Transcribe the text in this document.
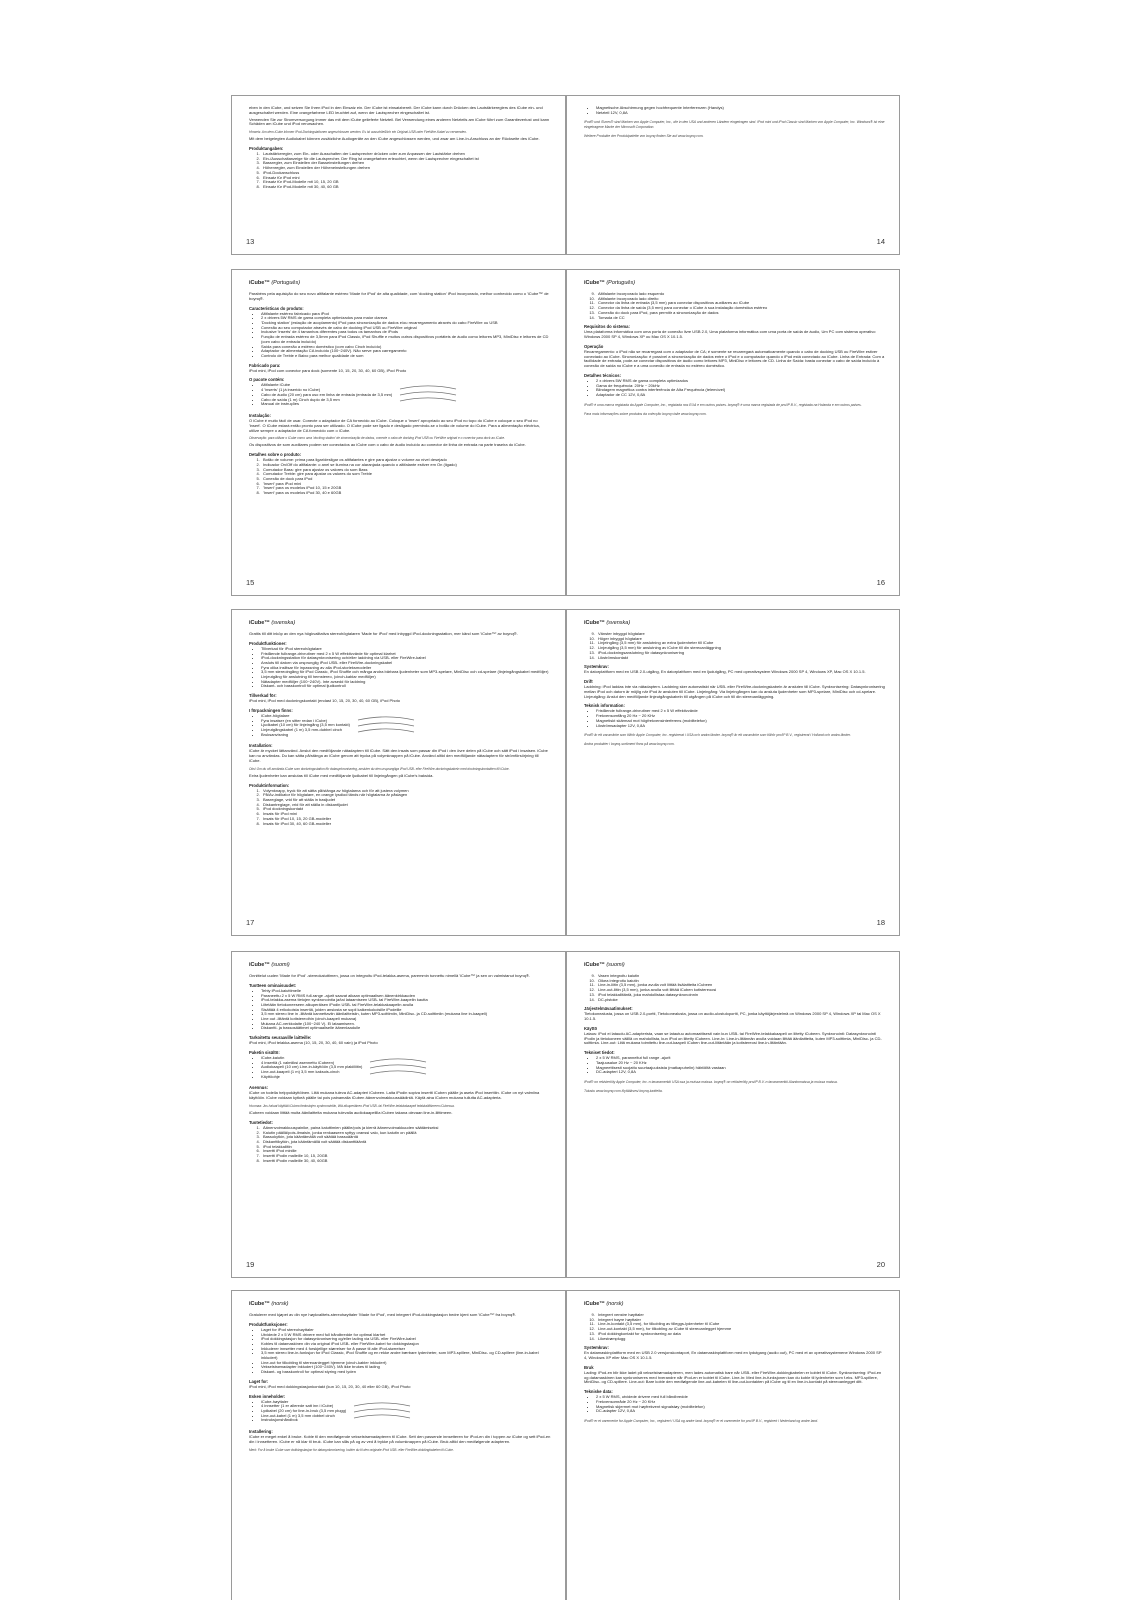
eben in den iCube, und setzen Sie Ihren iPod in den Einsatz ein. Der iCube ist einsatzbereit. Der iCube kann durch Drücken des Lautstärkereglers des iCube ein- und ausgeschaltet werden. Eine orangefarbene LED leuchtet auf, wenn der Lautsprecher eingeschaltet ist.

Verwenden Sie zur Stromversorgung immer das mit dem iCube gelieferte Netzteil. Bei Verwendung eines anderen Netzteils am iCube führt zum Garantieverlust und kann Schäden am iCube und iPod verursachen.

Hinweis: Am dem iCube können iPod-Dockingstationen angeschlossen werden. Es ist ausschließlich ein Original-USB-oder FireWire-Kabel zu verwenden.

Mit dem beigelegten Audiokabel können zusätzliche Audiogeräte an den iCube angeschlossen werden, und zwar am Line-In-Anschluss an der Rückseite des iCube.

Produktangaben:

1. Lautstärkeregler, zum Ein- oder Ausschalten der Lautsprecher drücken oder zum Anpassen der Lautstärke drehen
2. Ein-/Ausschaltanzeige für die Lautsprecher. Der Ring ist orangefarben erleuchtet, wenn der Lautsprecher eingeschaltet ist
3. Bassregler, zum Einstellen der Basseinstellungen drehen
4. Höhenregler, zum Einstellen der Höheneinstellungen drehen
5. iPod-Dockanschluss
6. Einsatz für iPod mini
7. Einsatz für iPod-Modelle mit 10, 15, 20 GB
8. Einsatz für iPod-Modelle mit 30, 40, 60 GB
13
• Magnetische Abschirmung gegen hochfrequente Interferenzen (Handys)
• Netzteil 12V, 0,8A

iPod® und iTunes® sind Marken von Apple Computer, Inc., die in den USA und anderen Ländern eingetragen sind. iPod mini und iPod Classic sind Marken von Apple Computer, Inc. Windows® ist eine eingetragene Marke der Microsoft Corporation.

Weitere Produkte der Produktpalette von boynq finden Sie auf www.boynq.com.

14

iCube™ (Português)

Parabéns pela aquisição do seu novo altifalante estéreo 'Made for iPod' de alta qualidade, com 'docking station' iPod incorporado, melhor conhecido como o 'iCube™' de boynq®.

Características do produto:

• Altifalante estéreo fabricado para iPod
• 2 x drivers 5W RMS de gama completa optimizados para maior clareza
• 'Docking station' (estação de acoplamento) iPod para sincronização de dados e/ou recarregamento através do cabo FireWire ou USB
• Conexão ao seu computador através de cabo de docking iPod USB ou FireWire original
• Inclusive 'inserts' de 4 tamanhos diferentes para todos os tamanhos de iPods
• Função de entrada estéreo de 3,5mm para iPod Classic, iPod Shuffle e muitos outros dispositivos portáteis de áudio como leitores MP3, MiniDisc e leitores de CD (com cabo de entrada incluído)
• Saída para conexão a estéreo doméstico (com cabo Cinch incluído)
• Adaptador de alimentação CA incluído (100~240V). Não serve para carregamento
• Controlo de Treble e Baixo para melhor qualidade de som

Fabricado para:

iPod mini, iPod com conector para dock (somente 10, 15, 20, 30, 40, 60 GB), iPod Photo

O pacote contém:

• Altifalante iCube
• 4 'inserts' (1 já inserido no iCube)
• Cabo de áudio (20 cm) para uso em linha de entrada (entrada de 3,5 mm)
• Cabo de saída (1 m) Cinch duplo de 3,5 mm
• Manual de instruções

Instalação:

O iCube é muito fácil de usar. Conecte o adaptador de CA fornecido ao iCube. Coloque o 'insert' apropriado ao seu iPod no topo do iCube e coloque o seu iPod no 'insert'. O iCube estará então pronto para ser utilizado. O iCube pode ser ligado e desligado premindo-se o botão de volume do iCube. Para a alimentação eléctrica, utilize sempre o adaptador de CA fornecido com o iCube.

Observação: para utilizar o iCube como uma 'docking station' de sincronização de dados, conecte o cabo de docking iPod USB ou FireWire original e o conector para dock ao iCube.

Os dispositivos de som auxiliares podem ser conectados ao iCube com o cabo de áudio incluído ao conector de linha de entrada na parte traseira do iCube.

Detalhes sobre o produto:

1. Botão de volume: prima para ligar/desligar os altifalantes e gire para ajustar o volume ao nível desejado
2. Indicador On/Off do altifalante: o anel se ilumina na cor alaranjada quando o altifalante estiver em On (ligado)
3. Comutador Bass: gire para ajustar os valores do som Bass
4. Comutador Treble: gire para ajustar os valores do som Treble
5. Conexão de dock para iPod
6. 'Insert' para iPod mini
7. 'Insert' para os modelos iPod 10, 15 e 20GB
8. 'Insert' para os modelos iPod 30, 40 e 60GB
15

iCube™ (Português)

9. Altifalante incorporado lado esquerdo
10. Altifalante incorporado lado direito
11. Conector da linha de entrada (3,5 mm) para conectar dispositivos auxiliares ao iCube
12. Conector da linha de saída (3,5 mm) para conectar o iCube à sua instalação doméstica estéreo
13. Conexão do dock para iPod, para permitir a sincronização de dados
14. Tomada de CC

Requisitos do sistema:

Uma plataforma informática com uma porta de conexão livre USB 2.0, Uma plataforma informática com uma porta de saída de áudio, Um PC com sistema operativo Windows 2000 SP 4, Windows XP ou Mac OS X 10.1.5.

Operação

Recarregamento: o iPod não se recarregará com o adaptador de CA; é somente se recarregará automaticamente quando o cabo de docking USB ou FireWire estiver conectado ao iCube. Sincronização: é possível a sincronização de dados entre o iPod e o computador quando o iPod está conectado ao iCube. Linha de Entrada: Com a facilidade de entrada, pode-se conectar dispositivos de áudio como leitores MP3, MiniDisc e leitores de CD. Linha de Saída: basta conectar o cabo de saída incluído à conexão de saída no iCube e a uma conexão de entrada no estéreo doméstico.

Detalhes técnicos:

• 2 x drivers 5W RMS de gama completa optimizados
• Gama de frequência: 20Hz ~ 20kHz
• Blindagem magnética contra interferência de Alta Frequência (telemóvel)
• Adaptador de CC 12V, 0,8A

iPod® é uma marca registada da Apple Computer, Inc., registada nos EUA e em outros países. boynq® é uma marca registada de pro/IP B.V., registada na Holanda e em outros países.

Para mais informações sobre produtos da colecção boynq visite www.boynq.com.

16

iCube™ (svenska)

Grattis till ditt inköp av den nya högkvalitativa stereohögtalaren 'Made for iPod' med inbyggd iPod-dockningsstation, mer känd som 'iCube™' av boynq®.

Produktfunktioner:

• Tillverkad för iPod stereohögtalare
• Fristående fullrange-drivrutiner med 2 x 5 W effektivvärde för optimal klarhet
• iPod-dockningsstation för datasynkronisering och/eller laddning via USB- eller FireWire-kabel
• Ansluts till datorn via ursprunglig iPod USB- eller FireWire-dockningskabel
• Fyra olika inslitsar för inpassning av alla iPod-storleksmodeller
• 3,5 mm stereoingång för iPod Classic, iPod Shuffle och många andra bärbara ljudenheter som MP3-spelare, MiniDisc och cd-spelare (linjeingångskabel medföljer)
• Linjeutgång för anslutning till hemstereo, (cinch-kablar medföljer)
• Nätadapter medföljer (100~240V). Inte avsedd för laddning
• Diskant- och basskontroll för optimal ljudkontroll

Tillverkad för:

iPod mini, iPod med dockningskontakt (endast 10, 15, 20, 30, 40, 60 GB), iPod Photo

I förpackningen finns:

• iCube-högtalare
• Fyra insatser (en sitter redan i iCube)
• Ljudkabel (10 cm) för linjeingång (3,5 mm kontakt)
• Linjeutgångskabel (1 m) 3,5 mm-dubbel cinch
• Bruksanvisning

Installation:

iCube är mycket lättanvänd. Anslut den medföljande nätadaptern till iCube. Sätt den insats som passar din iPod i den övre delen på iCube och sätt iPod i insatsen. iCube kan nu användas. Du kan sätta på/stänga av iCube genom att trycka på volymknappen på iCube. Använd alltid den medföljande nätadaptern för strömförsörjning till iCube.

Obs! Om du vill använda iCube som dockningsstation för datasynkronisering, ansluter du den ursprungliga iPod USB- eller FireWire-dockningskabeln med dockningskontakten till iCube.

Extra ljudenheter kan anslutas till iCube med medföljande ljudkabel till linjeingången på iCube's baksida.

Produktinformation:

1. Volymknapp, tryck för att sätta på/stänga av högtalarna och för att justera volymen
2. På/Av-indikator för högtalare, en orange lysdiod tänds när högtalarna är påslagen
3. Basreglage, vrid för att ställa in basljudet
4. Diskantreglage, vrid för att ställa in diskantljudet
5. iPod dockningskontakt
6. Insats för iPod mini
7. Insats för iPod 10, 15, 20 GB-modeller
8. Insats för iPod 30, 40, 60 GB-modeller
17

iCube™ (svenska)

9. Vänster inbyggd högtalare
10. Höger inbyggd högtalare
11. Linjeingång (3,5 mm) för anslutning av extra ljudenheter till iCube
12. Linjeutgång (3,5 mm) för anslutning av iCube till din stereoanläggning
13. iPod-dockningsanslutning för datasynkronisering
14. Likströmskontakt

Systemkrav:

En datorplattform med en USB 2.0-utgång, En datorplattform med en ljudutgång, PC med operativsystem Windows 2000 SP 4, Windows XP, Mac OS X 10.1.5.

Drift

Laddning: iPod laddas inte via nätadaptern. Laddning sker automatiskt när USB- eller FireWire-dockningskabeln är ansluten till iCube. Synkronisering: Datasynkronisering mellan iPod och datorn är möjlig när iPod är ansluten till iCube. Linjeingång: Via linjeingången kan du ansluta ljudenheter som MP3-spelare, MiniDisc och cd-spelare. Linjeutgång: Anslut den medföljande linjeutgångskabeln till utgången på iCube och till din stereoanläggning.

Teknisk information:

• Fristående fullrange-drivrutiner med 2 x 5 W effektivvärde
• Frekvensomfång 20 Hz ~ 20 KHz
• Magnetiskt skärmad mot högfrekvensinterferens (mobiltelefon)
• Likströmsadapter 12V, 0,8A

iPod® är ett varumärke som tillhör Apple Computer, Inc. registrerat i USA och andra länder. boynq® är ett varumärke som tillhör pro/IP B.V., registrerat i Holland och andra länder.

Andra produkter i boynq-sortiment finns på www.boynq.com.

18

iCube™ (suomi)

Onnittelut uuden 'Made for iPod' -stereokaiuttimen, jossa on integroitu iPod-telakka-asema, paremmin tunnettu nimellä 'iCube™' ja sen on valmistanut boynq®.

Tuotteen ominaisuudet:

• Tehty iPod-kaiuttimelle
• Paraneettu 2 x 5 W RMS full-range -ajurit saavat aikaan optimaalisen äänenkirkkauden
• iPod-telakka-asema tietojen synkronointia ja/tai lataamiseen USB- tai FireWire-kaapelin kautta
• Liitetään tietokoneeseen alkuperäisen iPodin USB- tai FireWire-telakkakaapelin avulla
• Sisältää 4 erikokoista insertiä, joiden ansiosta se sopii kaikenkokoisille iPodeille
• 3,5 mm stereo line in -liitäntä kannettaviin äänilaitteisiin, kuten MP3-soittimiin, MiniDisc- ja CD-soittimiin (mukana line in-kaapeli)
• Line out -liitäntä kotistereoihin (cinch-kaapeli mukana)
• Mukana AC-verkkolaite (100~240 V). Ei lataamiseen.
• Diskantti- ja bassosäätimet optimaaliselle äänenlaadulle

Tarkoitettu seuraaville laitteille:

iPod mini, iPod telakka-asema (10, 15, 20, 30, 40, 60 vain) ja iPod Photo

Paketin sisältö:

• iCube-kaiutin
• 4 insertiä (1 valmiiksi asennettu iCubeen)
• Audiokaapeli (10 cm) Line-in-käyttöön (3,5 mm plakiiliitin)
• Line-out-kaapeli (1 m) 3,5 mm kaksois-cinch
• Käyttöohje

Asennus:

iCube on todella helppokäyttöinen. Liitä mukana tuleva AC-adapteri iCubeen. Laita iPodin sopiva insertti iCuben päälle ja aseta iPod inserttiin. iCube on nyt valmiina käyttöön. iCube voidaan kytkeä päälle tai pois painamalla iCuben äänenvoimakkuussäädintä. Käytä aina iCuben mukana tullutta AC-adapteria.

Huomaa: Jos haluat käyttää iCubea tiedostojen synkronointiin, liitä alkuperäinen iPod USB- tai FireWire-telakkakaapeli telakkaliittimeen iCubessa.

iCubeen voidaan liittää muita äänilaitteita mukana tulevalla audiokaapelilla iCuben takana olevaan line-in-liittimeen.

Tuotetiedot:

1. Äänenvoimakkuuspainike, paina kaiuttimien päälle/pois ja kierrä äänenvoimakkuuden säätämiseksi
2. Kaiutin päällä/pois-ilmaisin, jonka renkaaseen syttyy oranssi valo, kun kaiutin on päällä
3. Bassokytkin, jota kääntämällä voit säätää bassoääntä
4. Diskanttikytkin, jota kääntämällä voit säätää diskanttiääntä
5. iPod telakkaliitin
6. Insertti iPod minille
7. Insertti iPodin malleille 10, 15, 20GB
8. Insertti iPodin malleille 30, 40, 60GB
19

iCube™ (suomi)

9. Vasen integroitu kaiutin
10. Oikea integroitu kaiutin
11. Line-in-liitin (3,5 mm), jonka avulla voit liittää lisälaitteita iCubeen
12. Line-out-liitin (3,5 mm), jonka avulla voit liittää iCuben kotistereoosi
13. iPod telakkaliitäntä, joka mahdollistaa datasynkronoinnin
14. DC-pistoke

Järjestelmävaatimukset:

Tietokonealusta, jossa on USB 2.0-portti, Tietokonealusta, jossa on audio-ulostuloportti, PC, jonka käyttöjärjestelmä on Windows 2000 SP 4, Windows XP tai Mac OS X 10.1.5.

Käyttö

Lataus: iPod ei lataudu AC-adapterista, vaan se latautuu automaattisesti vain kun USB- tai FireWire-telakkakaapeli on liitetty iCubeen. Synkronointi: Datasynkronointi iPodin ja tietokoneen välillä on mahdollista, kun iPod on liitetty iCubeen. Line-In: Line-in-liitännän avulla voidaan liittää äänilaitteita, kuten MP3-soittimia, MiniDisc- ja CD-soittimia. Line-out: Liitä mukana toimitettu line-out-kaapeli iCuben line-out-liitäntään ja kotistereosi line-in-liitäntään.

Tekniset tiedot:

• 2 x 5 W RMS, paranneltut full range -ajurit
• Taajuusalue 20 Hz ~ 20 KHz
• Magneettisesti suojattu suurtaajuuksista (matkapuhelin) häiriöiltä vastaan
• DC-adapteri 12V, 0,8A

iPod® on rekisteröity Apple Computer, Inc.:n tavaramerkki USA:ssa ja muissa maissa. boynq® on rekisteröity pro/IP B.V.:n tavaramerkki Alankomaissa ja muissa maissa.

Tutustu www.boynq.com löytääksesi boynq-tuotteita.

20

iCube™ (norsk)

Gratulerer med kjøpet av din nye høykvalitets-stereohøyttaler 'Made for iPod', med integrert iPod-dokkingstasjon bedre kjent som 'iCube™' fra boynq®.

Produktfunksjoner:

• Laget for iPod stereohøyttaler
• Utvidede 2 x 5 W RMS drivere med full båndbredde for optimal klarhet
• iPod dokkingstasjon for datasynkronisering og/eller lading via USB- eller FireWire-kabel
• Kobles til datamaskinen din via original iPod USB- eller FireWire-kabel for dokkingstasjon
• Inkluderer innsetter med 4 forskjellige størrelser for å passe til alle iPod-størrelser
• 3,5 mm stereo line-in-funksjon for iPod Classic, iPod Shuffle og en rekke andre bærbare lydenheter, som MP3-spillere, MiniDisc- og CD-spillere (line-in-kabel inkludert)
• Line-out for tilkobling til stereoanlegget hjemme (cinch-kabler inkludert)
• Vekselstrømadapter inkludert (100~240V). Må ikke brukes til lading
• Diskant- og basskontroll for optimal styring med lyden

Laget for:

iPod mini, iPod med dokkingstasjonkontakt (kun 10, 15, 20, 30, 40 eller 60 GB), iPod Photo

Esken inneholder:

• iCube-høyttaler
• 4 innsetter (1 er allerede satt inn i iCube)
• Lydkabel (20 cm) for line-in-bruk (3,5 mm plugg)
• Line-out-kabel (1 m) 3,5 mm dobbel cinch
• Instruksjonshåndbok

Installering:

iCube er meget enkel å bruke. Koble til den medfølgende vekselstrømadapteren til iCube. Sett den passende innsetteren for iPod-en din i toppen av iCube og sett iPod-en din i innsetteren. iCube er nå klar til bruk. iCube kan slås på og av ved å trykke på volumknappen på iCube. Bruk alltid den medfølgende adapteren.

Merk: For å bruke iCube som dokkingstasjon for datasynkronisering, kobler du til den originale iPod USB- eller FireWire-dokkingkabelen til iCube.

iCube™ (norsk)

9. Integrert venstre høyttaler
10. Integrert høyre høyttaler
11. Line-in-kontakt (3,5 mm), for tilkobling av tilleggs-lydenheter til iCube
12. Line-out-kontakt (3,5 mm), for tilkobling av iCube til stereoanlegget hjemme
13. iPod dokkingkontakt for synkronisering av data
14. Likestrømplugg

Systemkrav:

En datamaskinplattform med en USB 2.0 versjonskontaport, En datamaskinplattform med en lydutgang (audio out), PC med et av operativsystemene Windows 2000 SP 4, Windows XP eller Mac OS X 10.1.5.

Bruk

Lading: iPod-en blir ikke ladet på vekselstrømadapteren, men lades automatisk bare når USB- eller FireWire-dokkingkabelen er koblet til iCube. Synkronisering: iPod-en og datamaskinen kan synkroniseres med hverandre når iPod-en er koblet til iCube. Line-In: Med line-in-funksjonen kan du koble til lydenheter som f.eks. MP3-spillere, MiniDisc- og CD-spillere. Line-out: Bare koble den medfølgende line-out-kabelen til line-out-kontakten på iCube og til en line-in-kontakt på stereoanlegget ditt.

Tekniske data:

• 2 x 5 W RMS, utvidede drivere med full båndbredde
• Frekvensområde 20 Hz ~ 20 KHz
• Magnetisk skjermet mot høyfrekvent signalstøy (mobiltelefon)
• DC-adapter 12V, 0,8A

iPod® er et varemerke for Apple Computer, Inc., registrert i USA og andre land. boynq® er et varemerke for pro/IP B.V., registrert i Nederland og andre land.
